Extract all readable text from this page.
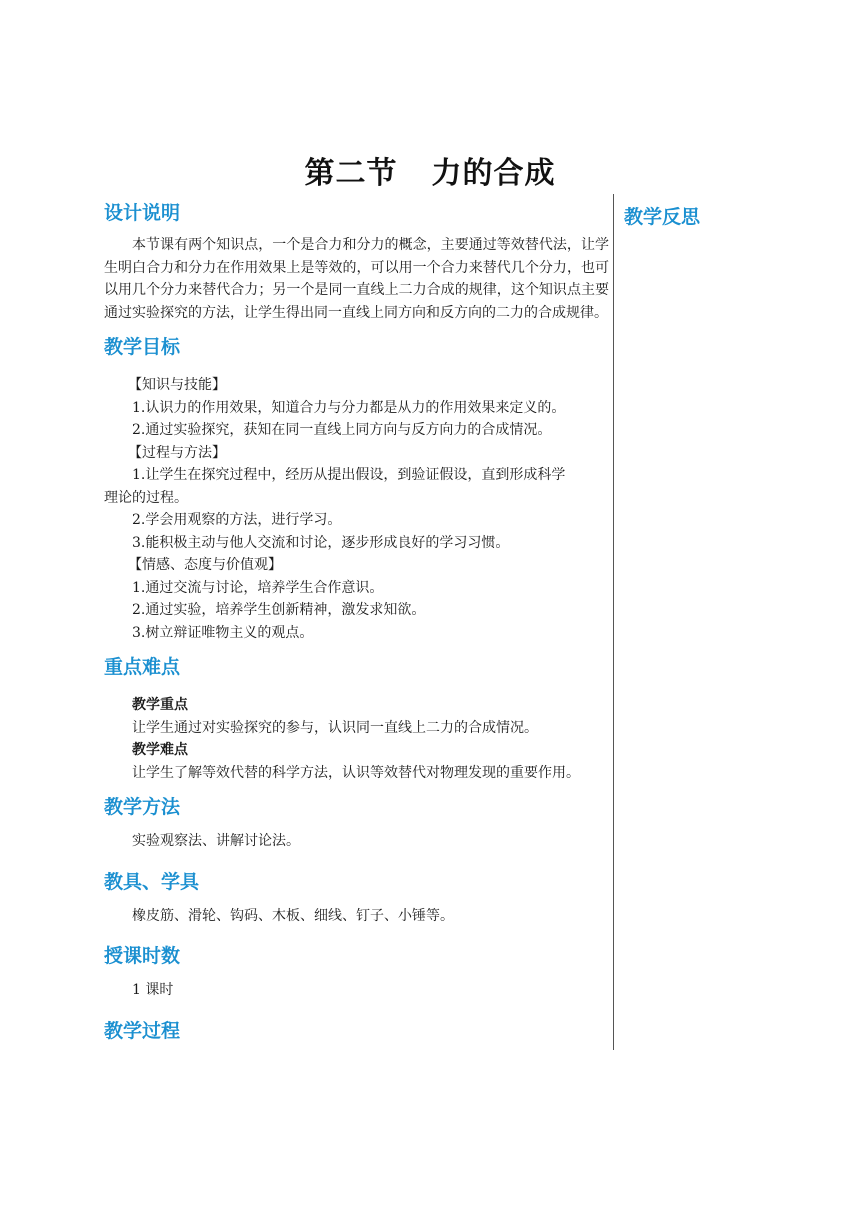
第二节 力的合成
教学反思
设计说明

本节课有两个知识点，一个是合力和分力的概念，主要通过等效替代法，让学生明白合力和分力在作用效果上是等效的，可以用一个合力来替代几个分力，也可以用几个分力来替代合力；另一个是同一直线上二力合成的规律，这个知识点主要通过实验探究的方法，让学生得出同一直线上同方向和反方向的二力的合成规律。

教学目标

【知识与技能】

1.认识力的作用效果，知道合力与分力都是从力的作用效果来定义的。

2.通过实验探究，获知在同一直线上同方向与反方向力的合成情况。

【过程与方法】

1.让学生在探究过程中，经历从提出假设，到验证假设，直到形成科学
理论的过程。

2.学会用观察的方法，进行学习。

3.能积极主动与他人交流和讨论，逐步形成良好的学习习惯。

【情感、态度与价值观】

1.通过交流与讨论，培养学生合作意识。

2.通过实验，培养学生创新精神，激发求知欲。

3.树立辩证唯物主义的观点。

重点难点

教学重点

让学生通过对实验探究的参与，认识同一直线上二力的合成情况。

教学难点

让学生了解等效代替的科学方法，认识等效替代对物理发现的重要作用。

教学方法

实验观察法、讲解讨论法。

教具、学具

橡皮筋、滑轮、钩码、木板、细线、钉子、小锤等。

授课时数

1 课时

教学过程
